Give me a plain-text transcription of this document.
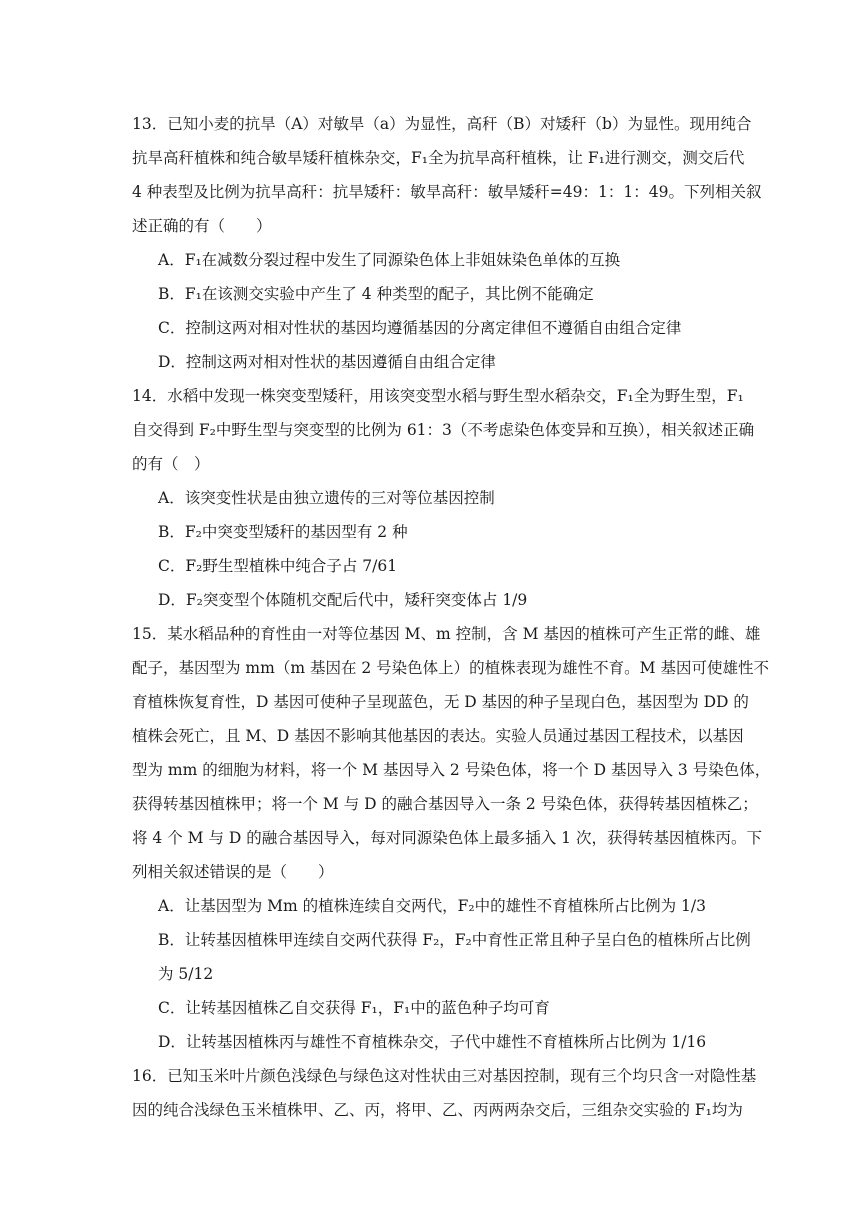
13．已知小麦的抗旱（A）对敏旱（a）为显性，高秆（B）对矮秆（b）为显性。现用纯合
抗旱高秆植株和纯合敏旱矮秆植株杂交，F₁全为抗旱高秆植株，让 F₁进行测交，测交后代
4 种表型及比例为抗旱高秆：抗旱矮秆：敏旱高秆：敏旱矮秆=49：1：1：49。下列相关叙
述正确的有（　　）
A．F₁在减数分裂过程中发生了同源染色体上非姐妹染色单体的互换
B．F₁在该测交实验中产生了 4 种类型的配子，其比例不能确定
C．控制这两对相对性状的基因均遵循基因的分离定律但不遵循自由组合定律
D．控制这两对相对性状的基因遵循自由组合定律
14．水稻中发现一株突变型矮秆，用该突变型水稻与野生型水稻杂交，F₁全为野生型，F₁
自交得到 F₂中野生型与突变型的比例为 61：3（不考虑染色体变异和互换），相关叙述正确
的有（　）
A．该突变性状是由独立遗传的三对等位基因控制
B．F₂中突变型矮秆的基因型有 2 种
C．F₂野生型植株中纯合子占 7/61
D．F₂突变型个体随机交配后代中，矮秆突变体占 1/9
15．某水稻品种的育性由一对等位基因 M、m 控制，含 M 基因的植株可产生正常的雌、雄
配子，基因型为 mm（m 基因在 2 号染色体上）的植株表现为雄性不育。M 基因可使雄性不
育植株恢复育性，D 基因可使种子呈现蓝色，无 D 基因的种子呈现白色，基因型为 DD 的
植株会死亡，且 M、D 基因不影响其他基因的表达。实验人员通过基因工程技术，以基因
型为 mm 的细胞为材料，将一个 M 基因导入 2 号染色体，将一个 D 基因导入 3 号染色体，
获得转基因植株甲；将一个 M 与 D 的融合基因导入一条 2 号染色体，获得转基因植株乙；
将 4 个 M 与 D 的融合基因导入，每对同源染色体上最多插入 1 次，获得转基因植株丙。下
列相关叙述错误的是（　　）
A．让基因型为 Mm 的植株连续自交两代，F₂中的雄性不育植株所占比例为 1/3
B．让转基因植株甲连续自交两代获得 F₂，F₂中育性正常且种子呈白色的植株所占比例
为 5/12
C．让转基因植株乙自交获得 F₁，F₁中的蓝色种子均可育
D．让转基因植株丙与雄性不育植株杂交，子代中雄性不育植株所占比例为 1/16
16．已知玉米叶片颜色浅绿色与绿色这对性状由三对基因控制，现有三个均只含一对隐性基
因的纯合浅绿色玉米植株甲、乙、丙，将甲、乙、丙两两杂交后，三组杂交实验的 F₁均为
